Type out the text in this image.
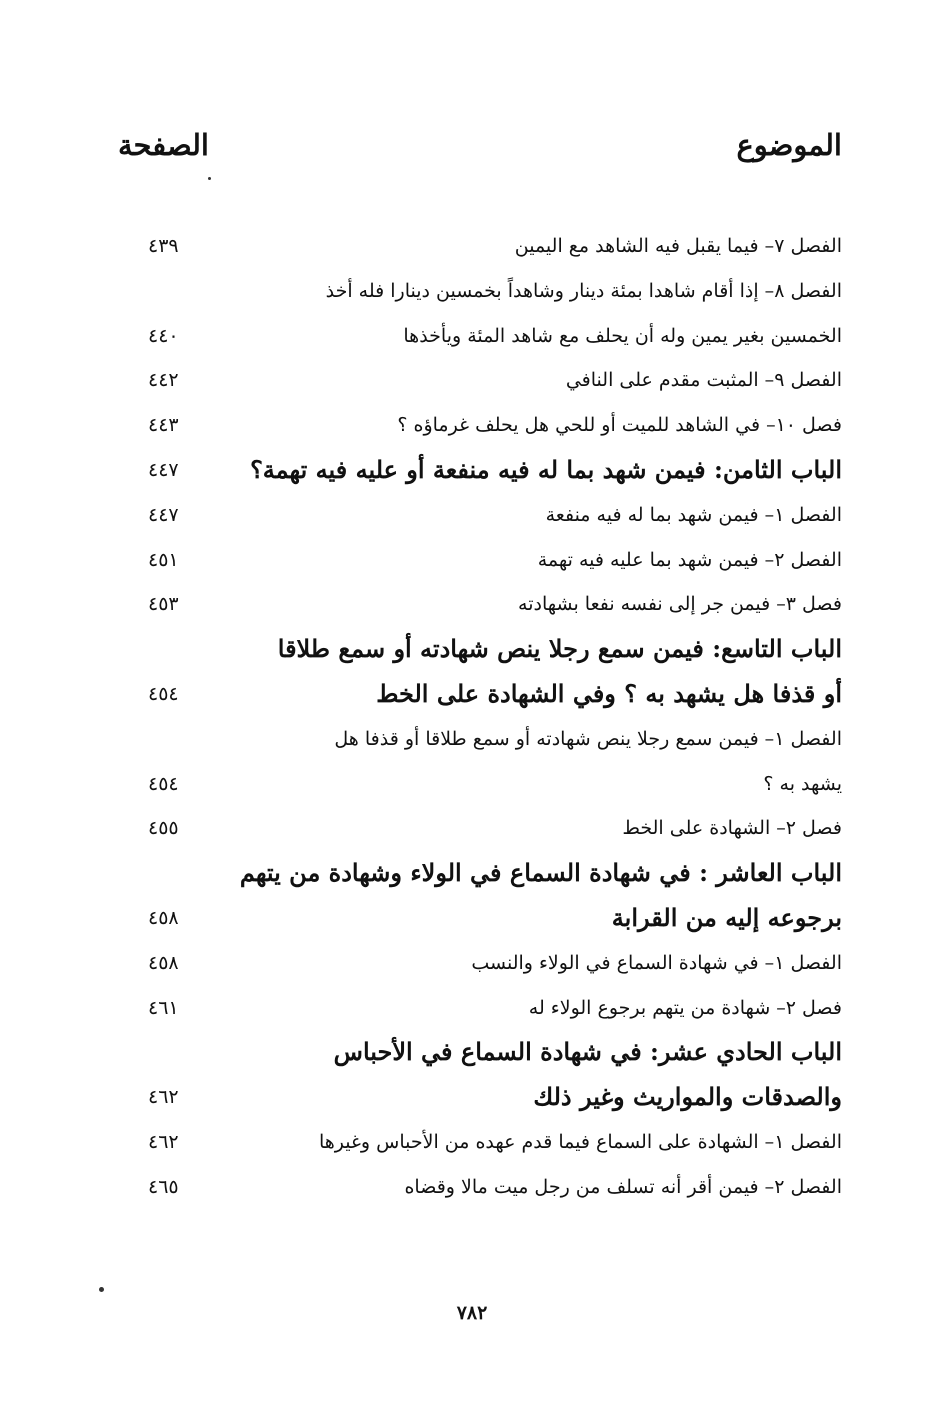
الموضوع
الصفحة
الفصل ٧– فيما يقبل فيه الشاهد مع اليمين
٤٣٩
الفصل ٨– إذا أقام شاهدا بمئة دينار وشاهداً بخمسين دينارا فله أخذ
الخمسين بغير يمين وله أن يحلف مع شاهد المئة ويأخذها
٤٤٠
الفصل ٩– المثبت مقدم على النافي
٤٤٢
فصل ١٠– في الشاهد للميت أو للحي هل يحلف غرماؤه ؟
٤٤٣
الباب الثامن: فيمن شهد بما له فيه منفعة أو عليه فيه تهمة؟
٤٤٧
الفصل ١– فيمن شهد بما له فيه منفعة
٤٤٧
الفصل ٢– فيمن شهد بما عليه فيه تهمة
٤٥١
فصل ٣– فيمن جر إلى نفسه نفعا بشهادته
٤٥٣
الباب التاسع: فيمن سمع رجلا ينص شهادته أو سمع طلاقا
أو قذفا هل يشهد به ؟ وفي الشهادة على الخط
٤٥٤
الفصل ١– فيمن سمع رجلا ينص شهادته أو سمع طلاقا أو قذفا هل
يشهد به ؟
٤٥٤
فصل ٢– الشهادة على الخط
٤٥٥
الباب العاشر : في شهادة السماع في الولاء وشهادة من يتهم
برجوعه إليه من القرابة
٤٥٨
الفصل ١– في شهادة السماع في الولاء والنسب
٤٥٨
فصل ٢– شهادة من يتهم برجوع الولاء له
٤٦١
الباب الحادي عشر: في شهادة السماع في الأحباس
والصدقات والمواريث وغير ذلك
٤٦٢
الفصل ١– الشهادة على السماع فيما قدم عهده من الأحباس وغيرها
٤٦٢
الفصل ٢– فيمن أقر أنه تسلف من رجل ميت مالا وقضاه
٤٦٥
٧٨٢
